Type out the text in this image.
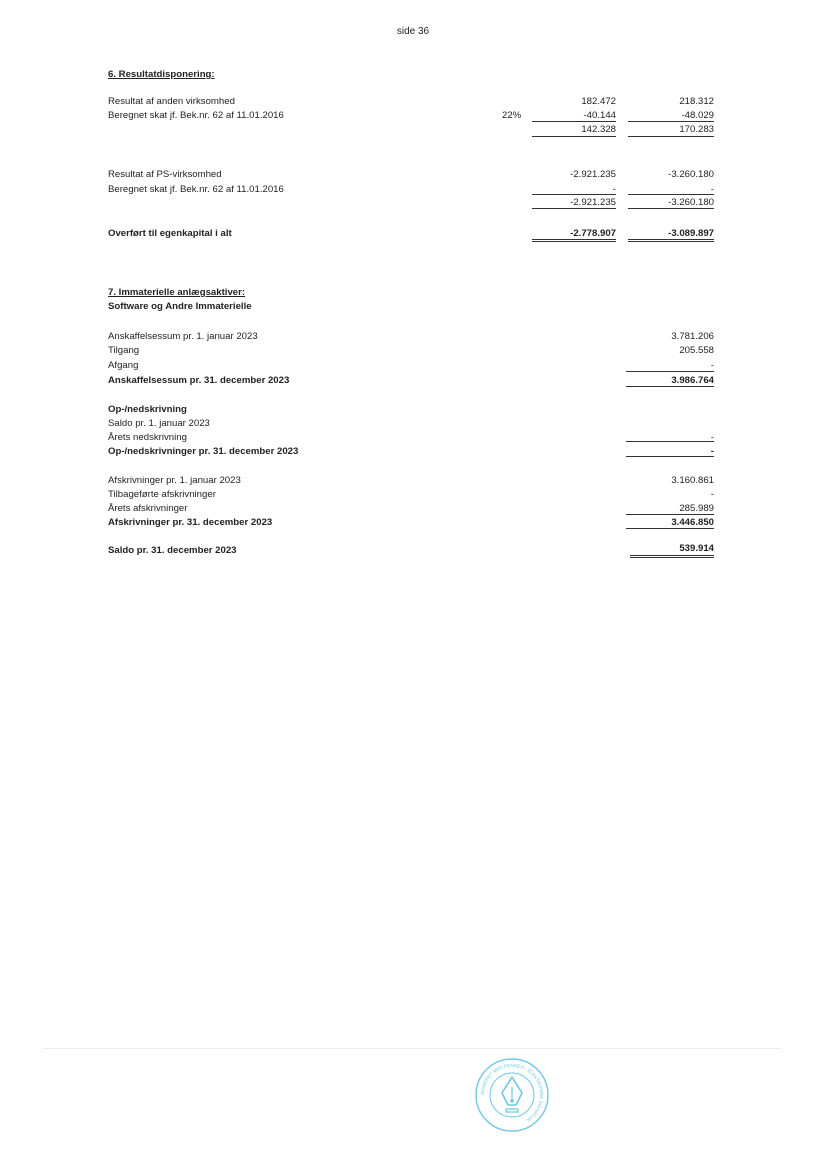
side 36
6. Resultatdisponering:
Resultat af anden virksomhed	182.472	218.312
Beregnet skat jf. Bek.nr. 62 af 11.01.2016	22%	-40.144	-48.029
142.328	170.283
Resultat af PS-virksomhed	-2.921.235	-3.260.180
Beregnet skat jf. Bek.nr. 62 af 11.01.2016	-	-
-2.921.235	-3.260.180
Overført til egenkapital i alt	-2.778.907	-3.089.897
7. Immaterielle anlægsaktiver:
Software og Andre Immaterielle
Anskaffelsessum pr. 1. januar 2023	3.781.206
Tilgang	205.558
Afgang	-
Anskaffelsessum pr. 31. december 2023	3.986.764
Op-/nedskrivning
Saldo pr. 1. januar 2023
Årets nedskrivning	-
Op-/nedskrivninger pr. 31. december 2023	-
Afskrivninger pr. 1. januar 2023	3.160.861
Tilbageførte afskrivninger	-
Årets afskrivninger	285.989
Afskrivninger pr. 31. december 2023	3.446.850
Saldo pr. 31. december 2023	539.914
SIGNERET MED PENNEO · ELEKTRONISK SIGNATUR
